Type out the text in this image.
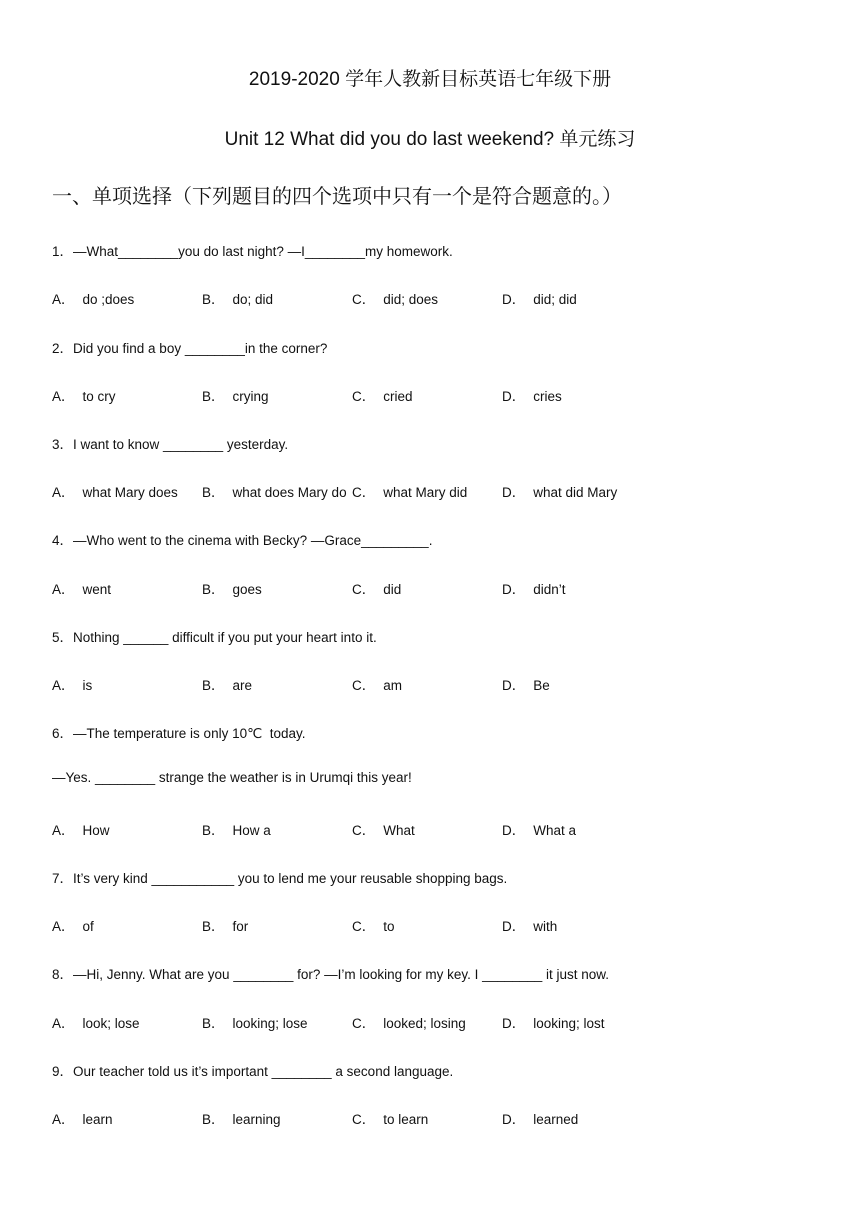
2019-2020 学年人教新目标英语七年级下册
Unit 12 What did you do last weekend? 单元练习
一、单项选择（下列题目的四个选项中只有一个是符合题意的。）
1．—What________you do last night? —I________my homework.
A． do ;does	B． do; did	C． did; does	D． did; did
2．Did you find a boy ________in the corner?
A． to cry	B． crying	C． cried	D． cries
3．I want to know ________ yesterday.
A． what Mary does B． what does Mary do C． what Mary did	D． what did Mary
4．—Who went to the cinema with Becky? —Grace_________.
A． went	B． goes	C． did	D． didn’t
5．Nothing ______ difficult if you put your heart into it.
A． is	B． are	C． am	D． Be
6．—The temperature is only 10℃  today.
—Yes. ________ strange the weather is in Urumqi this year!
A． How	B． How a	C． What	D． What a
7．It’s very kind ___________ you to lend me your reusable shopping bags.
A． of	B． for	C． to	D． with
8．—Hi, Jenny. What are you ________ for? —I’m looking for my key. I ________ it just now.
A． look; lose	B． looking; lose	C． looked; losing	D． looking; lost
9．Our teacher told us it’s important ________ a second language.
A． learn	B． learning	C． to learn	D． learned
